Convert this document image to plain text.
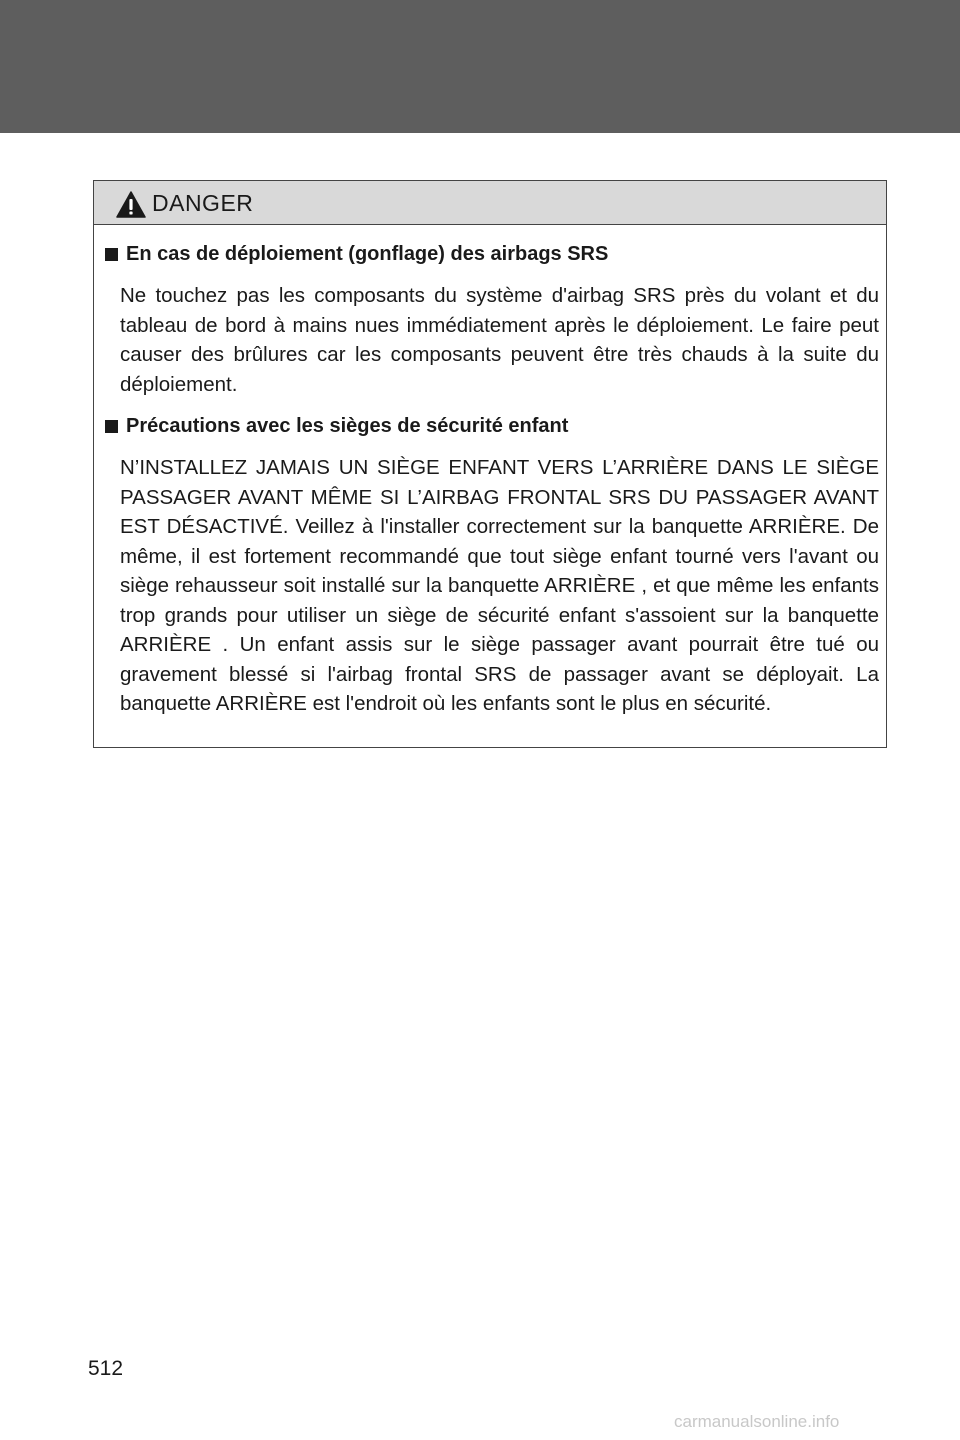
DANGER
En cas de déploiement (gonflage) des airbags SRS

Ne touchez pas les composants du système d'airbag SRS près du volant et du tableau de bord à mains nues immédiatement après le déploiement. Le faire peut causer des brûlures car les composants peuvent être très chauds à la suite du déploiement.

Précautions avec les sièges de sécurité enfant

N’INSTALLEZ JAMAIS UN SIÈGE ENFANT VERS L’ARRIÈRE DANS LE SIÈGE PASSAGER AVANT MÊME SI L’AIRBAG FRONTAL SRS DU PASSAGER AVANT EST DÉSACTIVÉ. Veillez à l'installer correctement sur la banquette ARRIÈRE. De même, il est fortement recommandé que tout siège enfant tourné vers l'avant ou siège rehausseur soit installé sur la banquette ARRIÈRE , et que même les enfants trop grands pour utiliser un siège de sécurité enfant s'assoient sur la banquette ARRIÈRE . Un enfant assis sur le siège passager avant pourrait être tué ou gravement blessé si l'airbag frontal SRS de passager avant se déployait. La banquette ARRIÈRE est l'endroit où les enfants sont le plus en sécurité.

512
carmanualsonline.info
